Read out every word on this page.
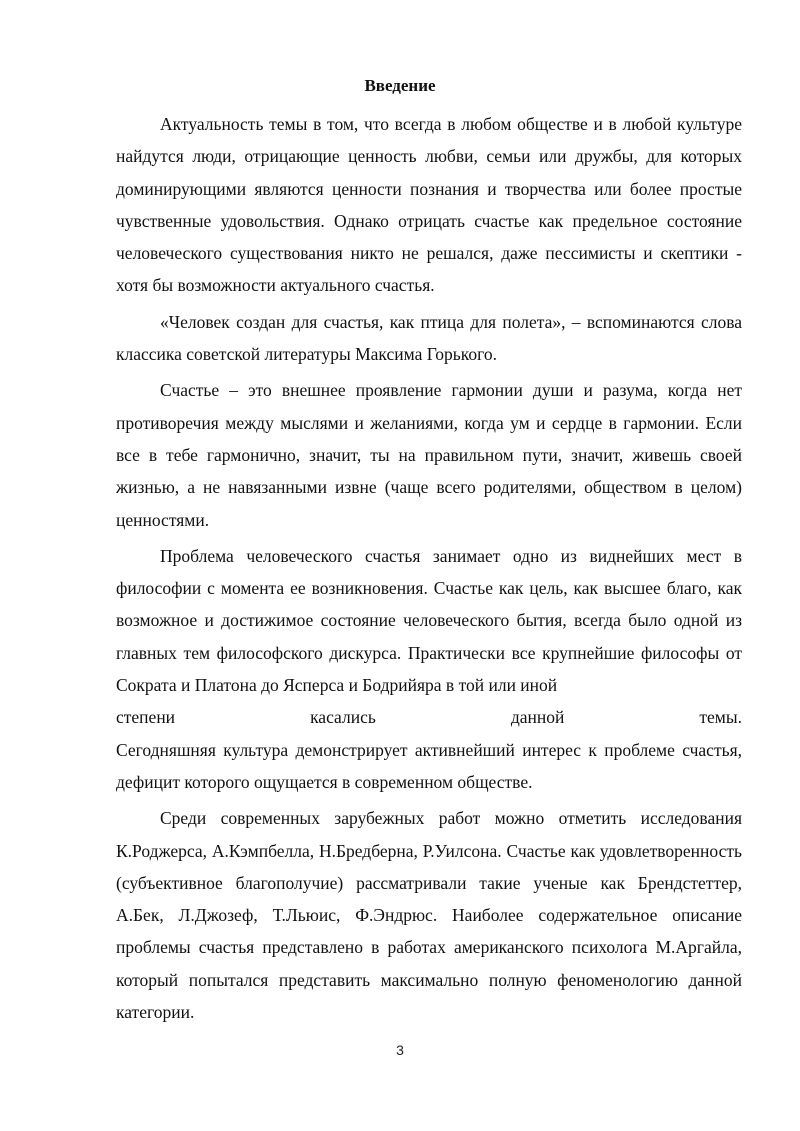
Введение

Актуальность темы в том, что всегда в любом обществе и в любой культуре найдутся люди, отрицающие ценность любви, семьи или дружбы, для которых доминирующими являются ценности познания и творчества или более простые чувственные удовольствия. Однако отрицать счастье как предельное состояние человеческого существования никто не решался, даже пессимисты и скептики - хотя бы возможности актуального счастья.

«Человек создан для счастья, как птица для полета», – вспоминаются слова классика советской литературы Максима Горького.

Счастье – это внешнее проявление гармонии души и разума, когда нет противоречия между мыслями и желаниями, когда ум и сердце в гармонии. Если все в тебе гармонично, значит, ты на правильном пути, значит, живешь своей жизнью, а не навязанными извне (чаще всего родителями, обществом в целом) ценностями.

Проблема человеческого счастья занимает одно из виднейших мест в философии с момента ее возникновения. Счастье как цель, как высшее благо, как возможное и достижимое состояние человеческого бытия, всегда было одной из главных тем философского дискурса. Практически все крупнейшие философы от Сократа и Платона до Ясперса и Бодрийяра в той или иной
степени касались данной темы.

Сегодняшняя культура демонстрирует активнейший интерес к проблеме счастья, дефицит которого ощущается в современном обществе.

Среди современных зарубежных работ можно отметить исследования К.Роджерса, А.Кэмпбелла, Н.Бредберна, Р.Уилсона. Счастье как удовлетворенность (субъективное благополучие) рассматривали такие ученые как Брендстеттер, А.Бек, Л.Джозеф, Т.Льюис, Ф.Эндрюс. Наиболее содержательное описание проблемы счастья представлено в работах американского психолога М.Аргайла, который попытался представить максимально полную феноменологию данной категории.

3
